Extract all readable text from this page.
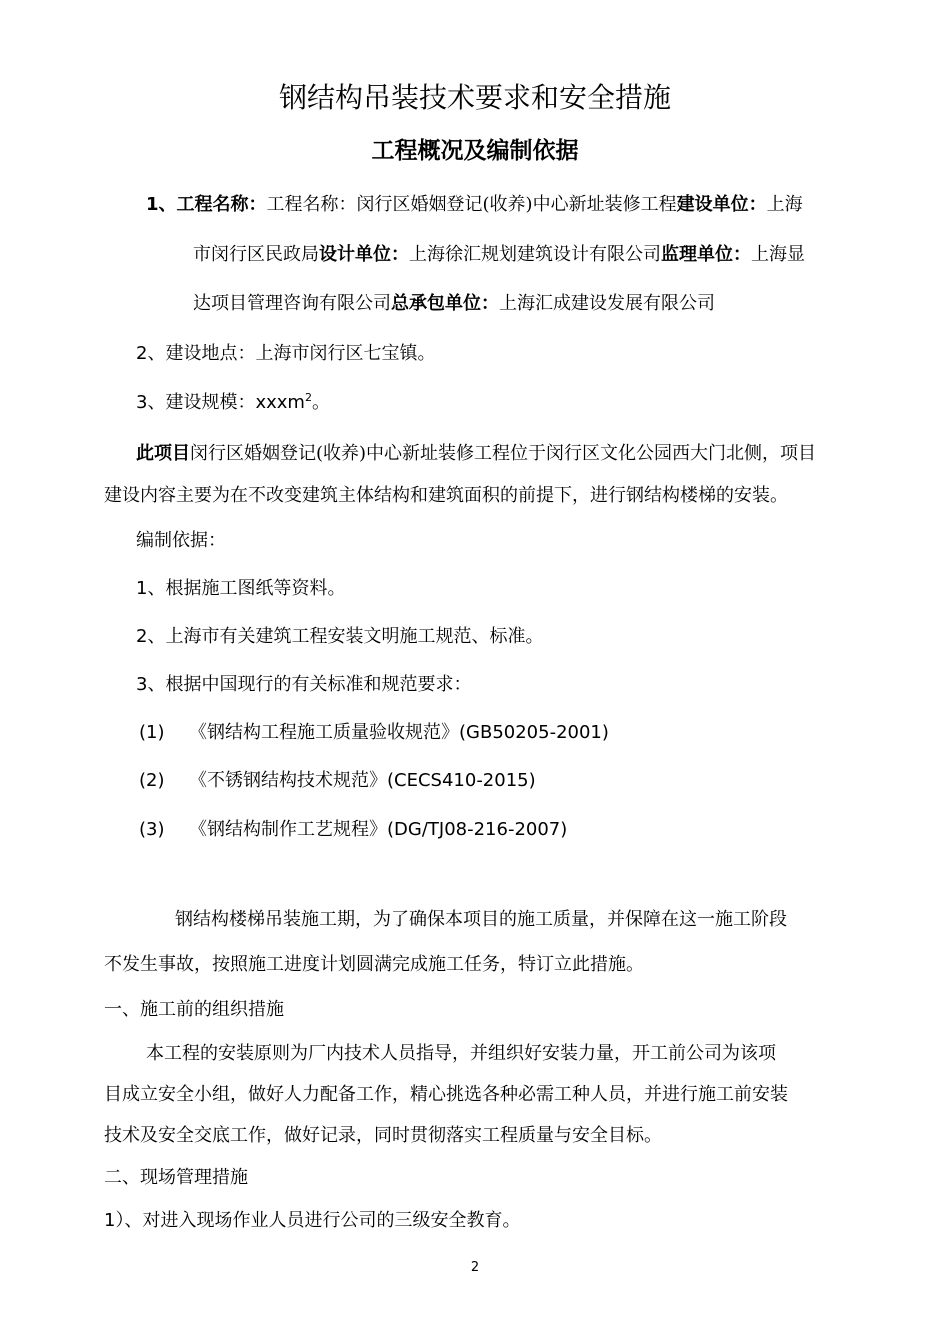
钢结构吊装技术要求和安全措施
工程概况及编制依据
1、工程名称：工程名称：闵行区婚姻登记(收养)中心新址装修工程建设单位：上海
市闵行区民政局设计单位：上海徐汇规划建筑设计有限公司监理单位：上海显
达项目管理咨询有限公司总承包单位：上海汇成建设发展有限公司
2、建设地点：上海市闵行区七宝镇。
3、建设规模：xxxm$^2$。
此项目闵行区婚姻登记(收养)中心新址装修工程位于闵行区文化公园西大门北侧，项目
建设内容主要为在不改变建筑主体结构和建筑面积的前提下，进行钢结构楼梯的安装。
编制依据：
1、根据施工图纸等资料。
2、上海市有关建筑工程安装文明施工规范、标准。
3、根据中国现行的有关标准和规范要求：
(1) 《钢结构工程施工质量验收规范》(GB50205-2001)
(2) 《不锈钢结构技术规范》(CECS410-2015)
(3) 《钢结构制作工艺规程》(DG/TJ08-216-2007)
钢结构楼梯吊装施工期，为了确保本项目的施工质量，并保障在这一施工阶段
不发生事故，按照施工进度计划圆满完成施工任务，特订立此措施。
一、施工前的组织措施
本工程的安装原则为厂内技术人员指导，并组织好安装力量，开工前公司为该项
目成立安全小组，做好人力配备工作，精心挑选各种必需工种人员，并进行施工前安装
技术及安全交底工作，做好记录，同时贯彻落实工程质量与安全目标。
二、现场管理措施
1）、对进入现场作业人员进行公司的三级安全教育。
2
